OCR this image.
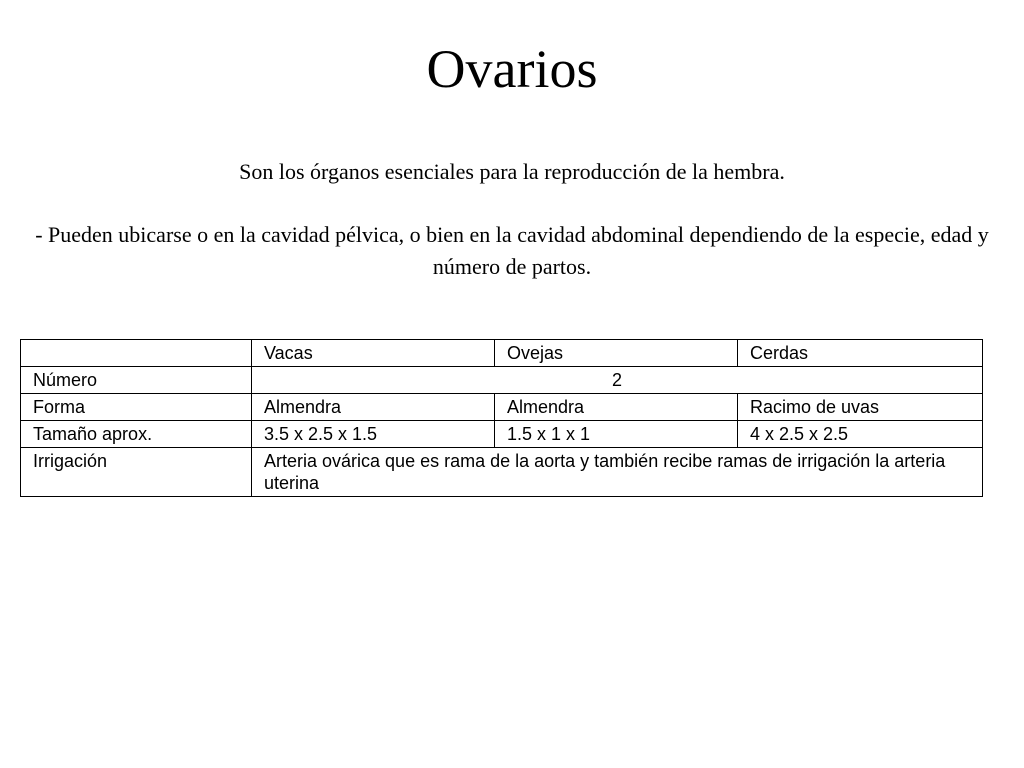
Ovarios

Son los órganos esenciales para la reproducción de la hembra.

- Pueden ubicarse o en la cavidad pélvica, o bien en la cavidad abdominal dependiendo de la especie, edad y número de partos.

	Vacas	Ovejas	Cerdas
Número	2		
Forma	Almendra	Almendra	Racimo de uvas
Tamaño aprox.	3.5 x 2.5 x 1.5	1.5 x 1 x 1	4 x 2.5 x 2.5
Irrigación	Arteria ovárica que es rama de la aorta y también recibe ramas de irrigación la arteria uterina		
